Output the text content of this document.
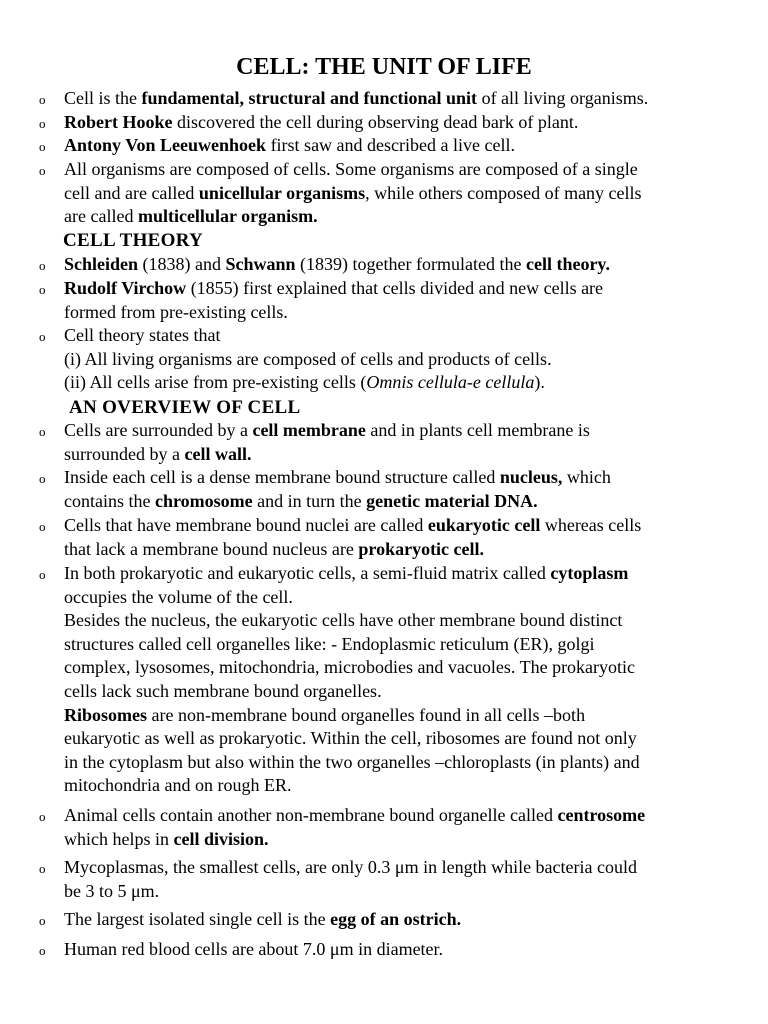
CELL: THE UNIT OF LIFE
CELL THEORY
AN OVERVIEW OF CELL
o Cell is the fundamental, structural and functional unit of all living organisms.
o Robert Hooke discovered the cell during observing dead bark of plant.
o Antony Von Leeuwenhoek first saw and described a live cell.
o All organisms are composed of cells. Some organisms are composed of a single
cell and are called unicellular organisms, while others composed of many cells
are called multicellular organism.
o Schleiden (1838) and Schwann (1839) together formulated the cell theory.
o Rudolf Virchow (1855) first explained that cells divided and new cells are
formed from pre-existing cells.
o Cell theory states that
(i) All living organisms are composed of cells and products of cells.
(ii) All cells arise from pre-existing cells (Omnis cellula-e cellula).
o Cells are surrounded by a cell membrane and in plants cell membrane is
surrounded by a cell wall.
o Inside each cell is a dense membrane bound structure called nucleus, which
contains the chromosome and in turn the genetic material DNA.
o Cells that have membrane bound nuclei are called eukaryotic cell whereas cells
that lack a membrane bound nucleus are prokaryotic cell.
o In both prokaryotic and eukaryotic cells, a semi-fluid matrix called cytoplasm
occupies the volume of the cell.
Besides the nucleus, the eukaryotic cells have other membrane bound distinct
structures called cell organelles like: - Endoplasmic reticulum (ER), golgi
complex, lysosomes, mitochondria, microbodies and vacuoles. The prokaryotic
cells lack such membrane bound organelles.
Ribosomes are non-membrane bound organelles found in all cells –both
eukaryotic as well as prokaryotic. Within the cell, ribosomes are found not only
in the cytoplasm but also within the two organelles –chloroplasts (in plants) and
mitochondria and on rough ER.
o Animal cells contain another non-membrane bound organelle called centrosome
which helps in cell division.
o Mycoplasmas, the smallest cells, are only 0.3 μm in length while bacteria could
be 3 to 5 μm.
o The largest isolated single cell is the egg of an ostrich.
o Human red blood cells are about 7.0 μm in diameter.
